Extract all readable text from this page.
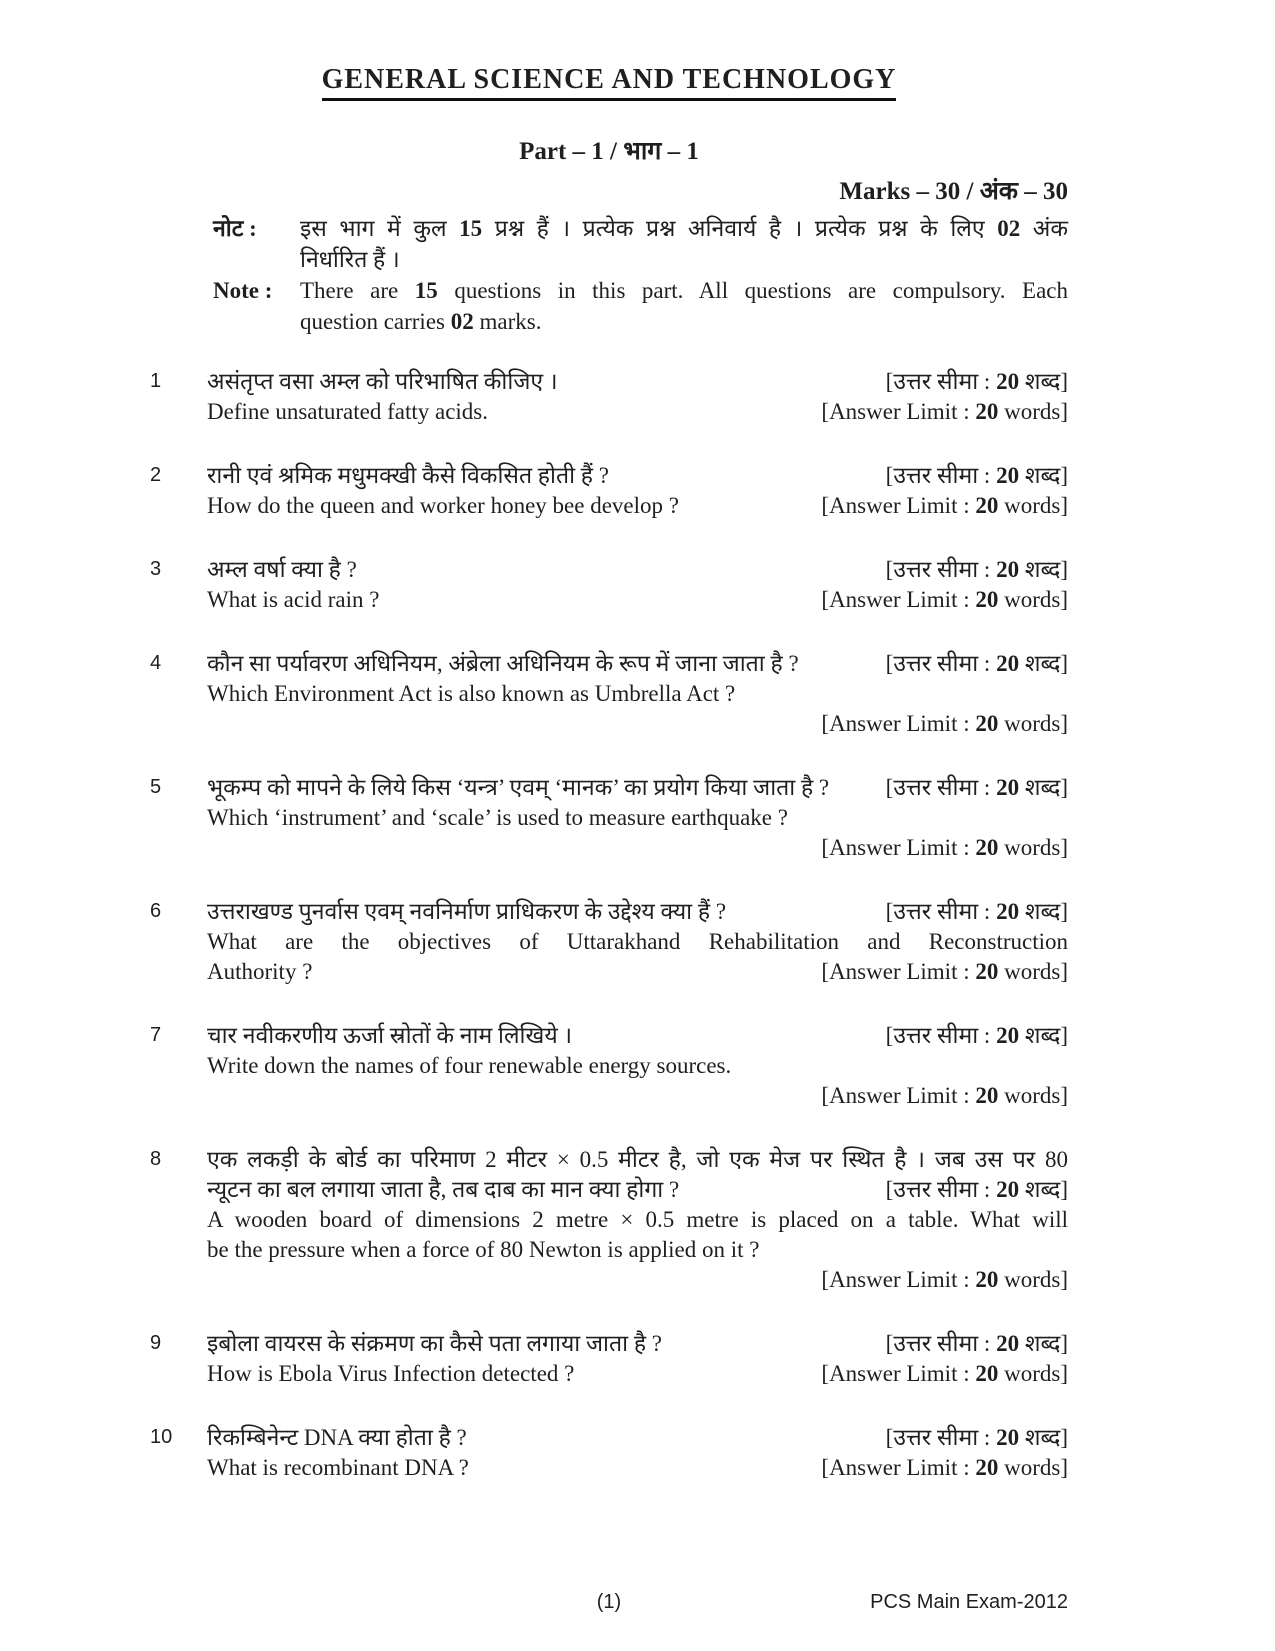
GENERAL SCIENCE AND TECHNOLOGY
Part – 1 / भाग – 1
Marks – 30 / अंक – 30
नोट :	इस भाग में कुल 15 प्रश्न हैं । प्रत्येक प्रश्न अनिवार्य है । प्रत्येक प्रश्न के लिए 02 अंक
निर्धारित हैं ।
Note :	There are 15 questions in this part. All questions are compulsory. Each
question carries 02 marks.
1	असंतृप्त वसा अम्ल को परिभाषित कीजिए ।	[उत्तर सीमा : 20 शब्द]
Define unsaturated fatty acids.	[Answer Limit : 20 words]
2	रानी एवं श्रमिक मधुमक्खी कैसे विकसित होती हैं ?	[उत्तर सीमा : 20 शब्द]
How do the queen and worker honey bee develop ?	[Answer Limit : 20 words]
3	अम्ल वर्षा क्या है ?	[उत्तर सीमा : 20 शब्द]
What is acid rain ?	[Answer Limit : 20 words]
4	कौन सा पर्यावरण अधिनियम, अंब्रेला अधिनियम के रूप में जाना जाता है ?	[उत्तर सीमा : 20 शब्द]
Which Environment Act is also known as Umbrella Act ?
[Answer Limit : 20 words]
5	भूकम्प को मापने के लिये किस ‘यन्त्र’ एवम् ‘मानक’ का प्रयोग किया जाता है ?	[उत्तर सीमा : 20 शब्द]
Which ‘instrument’ and ‘scale’ is used to measure earthquake ?
[Answer Limit : 20 words]
6	उत्तराखण्ड पुनर्वास एवम् नवनिर्माण प्राधिकरण के उद्देश्य क्या हैं ?	[उत्तर सीमा : 20 शब्द]
What are the objectives of Uttarakhand Rehabilitation and Reconstruction
Authority ?	[Answer Limit : 20 words]
7	चार नवीकरणीय ऊर्जा स्रोतों के नाम लिखिये ।	[उत्तर सीमा : 20 शब्द]
Write down the names of four renewable energy sources.
[Answer Limit : 20 words]
8	एक लकड़ी के बोर्ड का परिमाण 2 मीटर × 0.5 मीटर है, जो एक मेज पर स्थित है । जब उस पर 80
न्यूटन का बल लगाया जाता है, तब दाब का मान क्या होगा ?	[उत्तर सीमा : 20 शब्द]
A wooden board of dimensions 2 metre × 0.5 metre is placed on a table. What will
be the pressure when a force of 80 Newton is applied on it ?
[Answer Limit : 20 words]
9	इबोला वायरस के संक्रमण का कैसे पता लगाया जाता है ?	[उत्तर सीमा : 20 शब्द]
How is Ebola Virus Infection detected ?	[Answer Limit : 20 words]
10	रिकम्बिनेन्ट DNA क्या होता है ?	[उत्तर सीमा : 20 शब्द]
What is recombinant DNA ?	[Answer Limit : 20 words]
(1)	PCS Main Exam-2012
